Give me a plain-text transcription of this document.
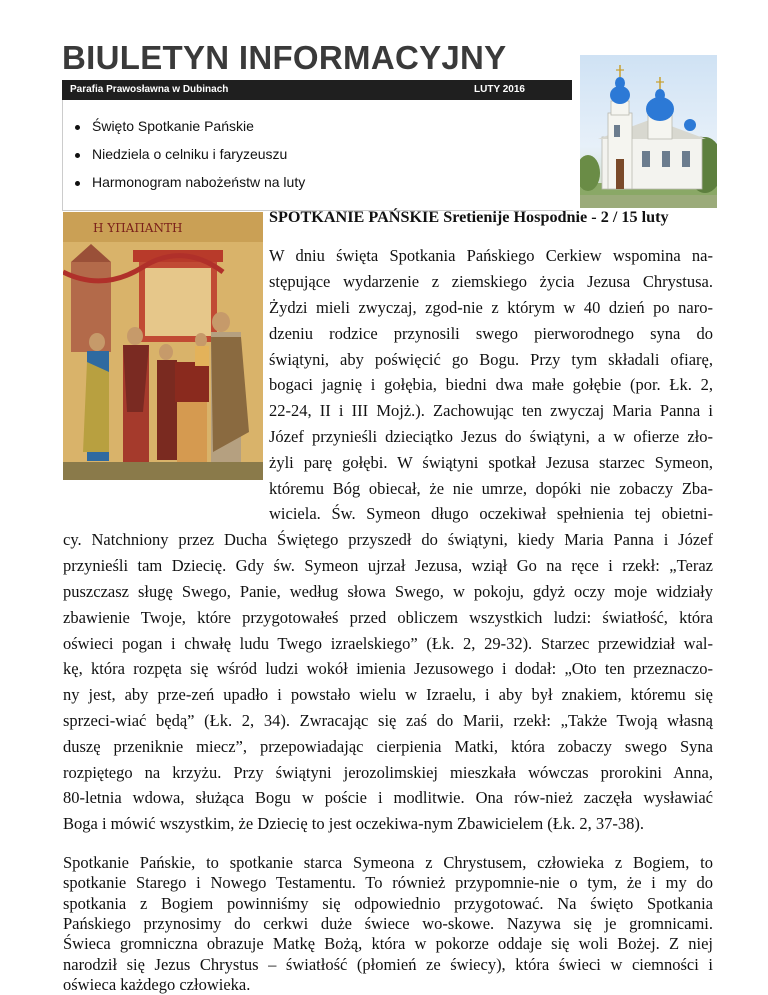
BIULETYN INFORMACYJNY
Parafia Prawosławna w Dubinach	LUTY 2016
Święto Spotkanie Pańskie
Niedziela o celniku i faryzeuszu
Harmonogram nabożeństw na luty
Η ΥΠΑΠΑΝΤΗ
SPOTKANIE PAŃSKIE Sretienije Hospodnie - 2 / 15 luty
W dniu święta Spotkania Pańskiego Cerkiew wspomina na-
stępujące wydarzenie z ziemskiego życia Jezusa Chrystusa.
Żydzi mieli zwyczaj, zgod-nie z którym w 40 dzień po naro-
dzeniu rodzice przynosili swego pierworodnego syna do
świątyni, aby poświęcić go Bogu. Przy tym składali ofiarę,
bogaci jagnię i gołębia, biedni dwa małe gołębie (por. Łk. 2,
22-24, II i III Mojż.). Zachowując ten zwyczaj Maria Panna i
Józef przynieśli dzieciątko Jezus do świątyni, a w ofierze zło-
żyli parę gołębi. W świątyni spotkał Jezusa starzec Symeon,
któremu Bóg obiecał, że nie umrze, dopóki nie zobaczy Zba-
wiciela. Św. Symeon długo oczekiwał spełnienia tej obietni-
cy. Natchniony przez Ducha Świętego przyszedł do świątyni, kiedy Maria Panna i Józef
przynieśli tam Dziecię. Gdy św. Symeon ujrzał Jezusa, wziął Go na ręce i rzekł: „Teraz
puszczasz sługę Swego, Panie, według słowa Swego, w pokoju, gdyż oczy moje widziały
zbawienie Twoje, które przygotowałeś przed obliczem wszystkich ludzi: światłość, która
oświeci pogan i chwałę ludu Twego izraelskiego” (Łk. 2, 29-32). Starzec przewidział wal-
kę, która rozpęta się wśród ludzi wokół imienia Jezusowego i dodał: „Oto ten przeznaczo-
ny jest, aby prze-zeń upadło i powstało wielu w Izraelu, i aby był znakiem, któremu się
sprzeci-wiać będą” (Łk. 2, 34). Zwracając się zaś do Marii, rzekł: „Także Twoją własną
duszę przeniknie miecz”, przepowiadając cierpienia Matki, która zobaczy swego Syna
rozpiętego na krzyżu. Przy świątyni jerozolimskiej mieszkała wówczas prorokini Anna,
80-letnia wdowa, służąca Bogu w poście i modlitwie. Ona rów-nież zaczęła wysławiać
Boga i mówić wszystkim, że Dziecię to jest oczekiwa-nym Zbawicielem (Łk. 2, 37-38).
Spotkanie Pańskie, to spotkanie starca Symeona z Chrystusem, człowieka z Bogiem, to
spotkanie Starego i Nowego Testamentu. To również przypomnie-nie o tym, że i my do
spotkania z Bogiem powinniśmy się odpowiednio przygotować. Na święto Spotkania
Pańskiego przynosimy do cerkwi duże świece wo-skowe. Nazywa się je gromnicami.
Świeca gromniczna obrazuje Matkę Bożą, która w pokorze oddaje się woli Bożej. Z niej
narodził się Jezus Chrystus – światłość (płomień ze świecy), która świeci w ciemności i
oświeca każdego człowieka.
